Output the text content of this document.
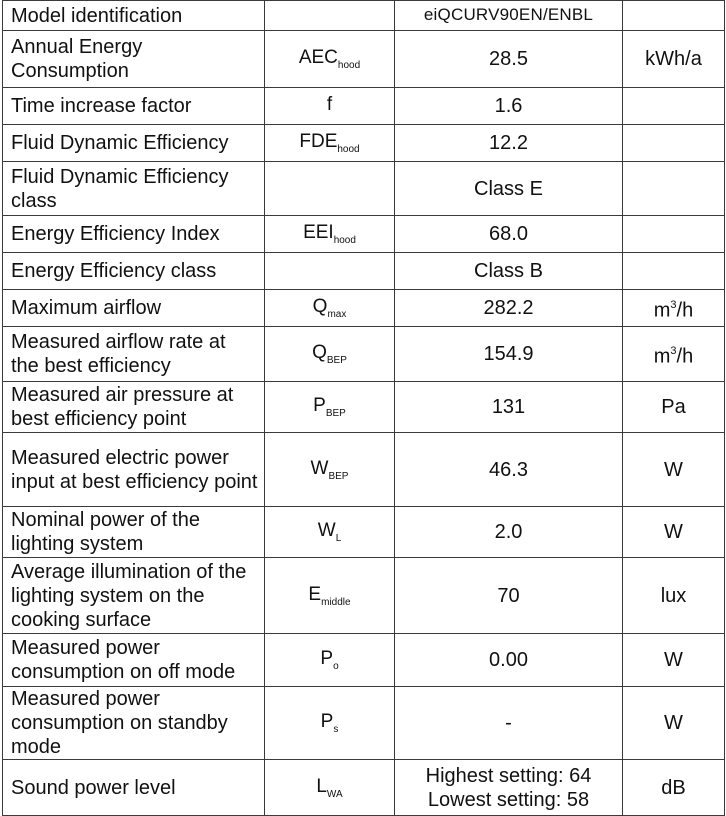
Model identification		eiQCURV90EN/ENBL	
Annual Energy Consumption	$AEC_{hood}$	28.5	kWh/a
Time increase factor	f	1.6	
Fluid Dynamic Efficiency	$FDE_{hood}$	12.2	
Fluid Dynamic Efficiency class		Class E	
Energy Efficiency Index	$EEI_{hood}$	68.0	
Energy Efficiency class		Class B	
Maximum airflow	$Q_{max}$	282.2	$m^3/h$
Measured airflow rate at the best efficiency	$Q_{BEP}$	154.9	$m^3/h$
Measured air pressure at best efficiency point	$P_{BEP}$	131	Pa
Measured electric power input at best efficiency point	$W_{BEP}$	46.3	W
Nominal power of the lighting system	$W_L$	2.0	W
Average illumination of the lighting system on the cooking surface	$E_{middle}$	70	lux
Measured power consumption on off mode	$P_o$	0.00	W
Measured power consumption on standby mode	$P_s$	-	W
Sound power level	$L_{WA}$	Highest setting: 64
Lowest setting: 58	dB
